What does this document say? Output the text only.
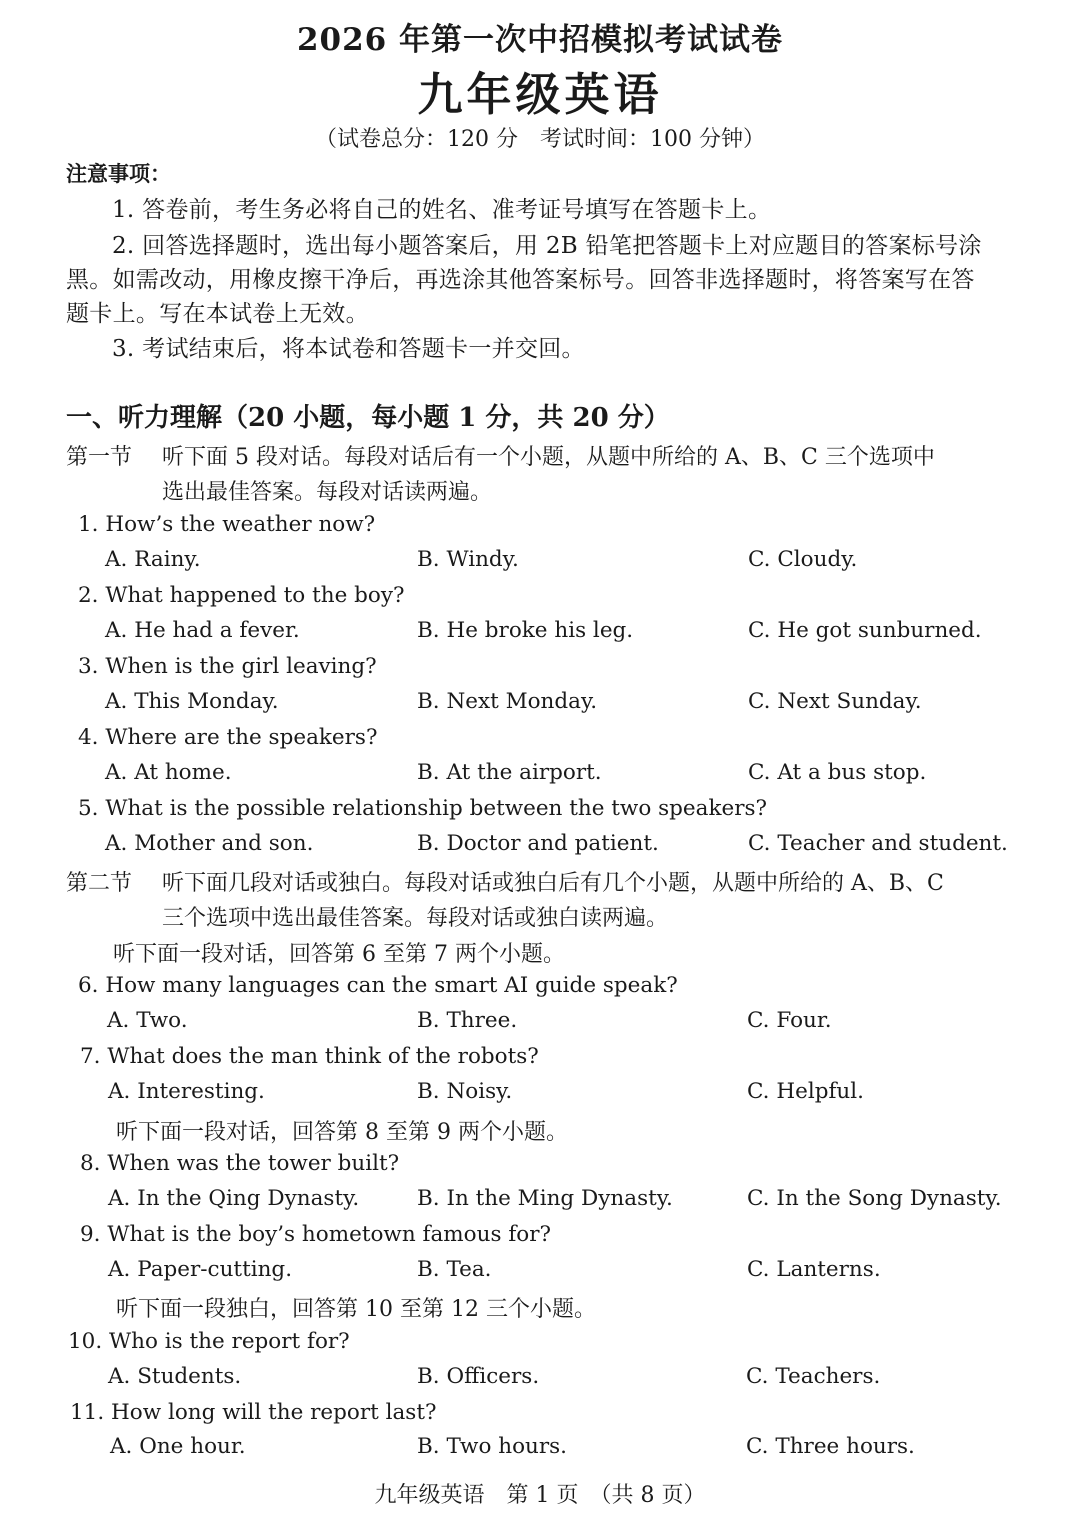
2026 年第一次中招模拟考试试卷
九年级英语
（试卷总分：120 分　考试时间：100 分钟）
注意事项：
1. 答卷前，考生务必将自己的姓名、准考证号填写在答题卡上。
2. 回答选择题时，选出每小题答案后，用 2B 铅笔把答题卡上对应题目的答案标号涂
黑。如需改动，用橡皮擦干净后，再选涂其他答案标号。回答非选择题时，将答案写在答
题卡上。写在本试卷上无效。
3. 考试结束后，将本试卷和答题卡一并交回。
一、听力理解（20 小题，每小题 1 分，共 20 分）
第一节 听下面 5 段对话。每段对话后有一个小题，从题中所给的 A、B、C 三个选项中
选出最佳答案。每段对话读两遍。
1. How’s the weather now?
A. Rainy.	B. Windy.	C. Cloudy.
2. What happened to the boy?
A. He had a fever.	B. He broke his leg.	C. He got sunburned.
3. When is the girl leaving?
A. This Monday.	B. Next Monday.	C. Next Sunday.
4. Where are the speakers?
A. At home.	B. At the airport.	C. At a bus stop.
5. What is the possible relationship between the two speakers?
A. Mother and son.	B. Doctor and patient.	C. Teacher and student.
第二节 听下面几段对话或独白。每段对话或独白后有几个小题，从题中所给的 A、B、C
三个选项中选出最佳答案。每段对话或独白读两遍。
听下面一段对话，回答第 6 至第 7 两个小题。
6. How many languages can the smart AI guide speak?
A. Two.	B. Three.	C. Four.
7. What does the man think of the robots?
A. Interesting.	B. Noisy.	C. Helpful.
听下面一段对话，回答第 8 至第 9 两个小题。
8. When was the tower built?
A. In the Qing Dynasty.	B. In the Ming Dynasty.	C. In the Song Dynasty.
9. What is the boy’s hometown famous for?
A. Paper-cutting.	B. Tea.	C. Lanterns.
听下面一段独白，回答第 10 至第 12 三个小题。
10. Who is the report for?
A. Students.	B. Officers.	C. Teachers.
11. How long will the report last?
A. One hour.	B. Two hours.	C. Three hours.
九年级英语　第 1 页　（共 8 页）
